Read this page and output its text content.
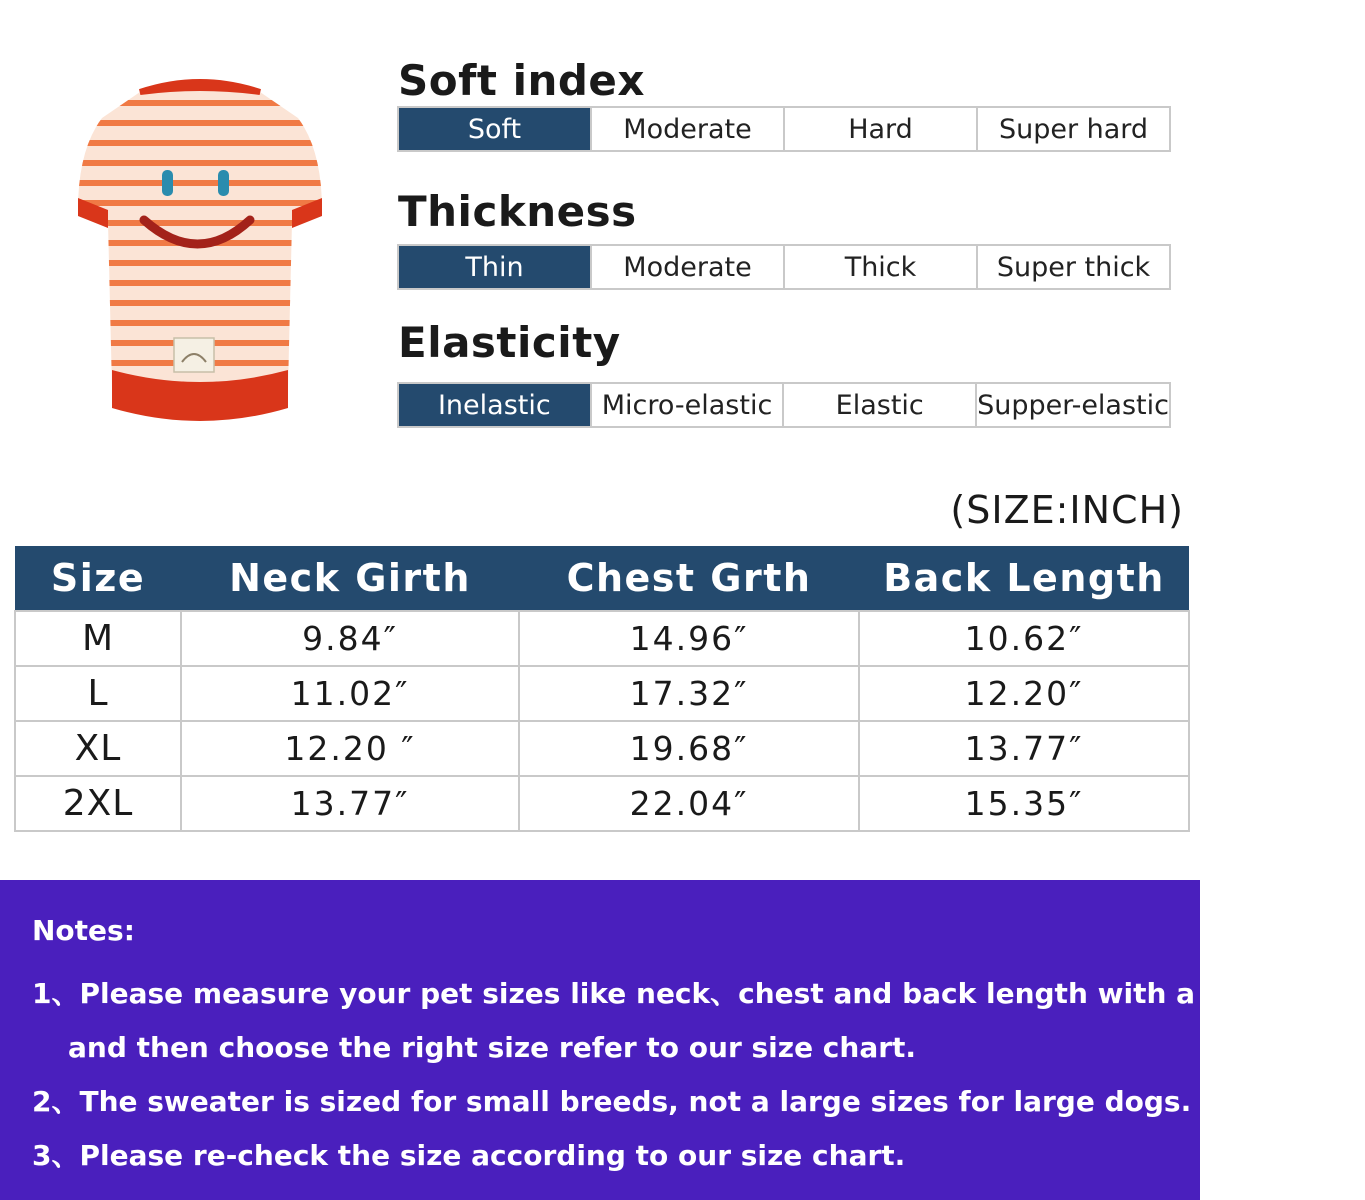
Soft index
Soft	Moderate	Hard	Super hard
Thickness
Thin	Moderate	Thick	Super thick
Elasticity
Inelastic	Micro-elastic	Elastic	Supper-elastic
(SIZE:INCH)
Size	Neck Girth	Chest Grth	Back Length
M	9.84″	14.96″	10.62″
L	11.02″	17.32″	12.20″
XL	12.20 ″	19.68″	13.77″
2XL	13.77″	22.04″	15.35″
Notes:
1、Please measure your pet sizes like neck、chest and back length with a band tape
and then choose the right size refer to our size chart.
2、The sweater is sized for small breeds, not a large sizes for large dogs.
3、Please re-check the size according to our size chart.
